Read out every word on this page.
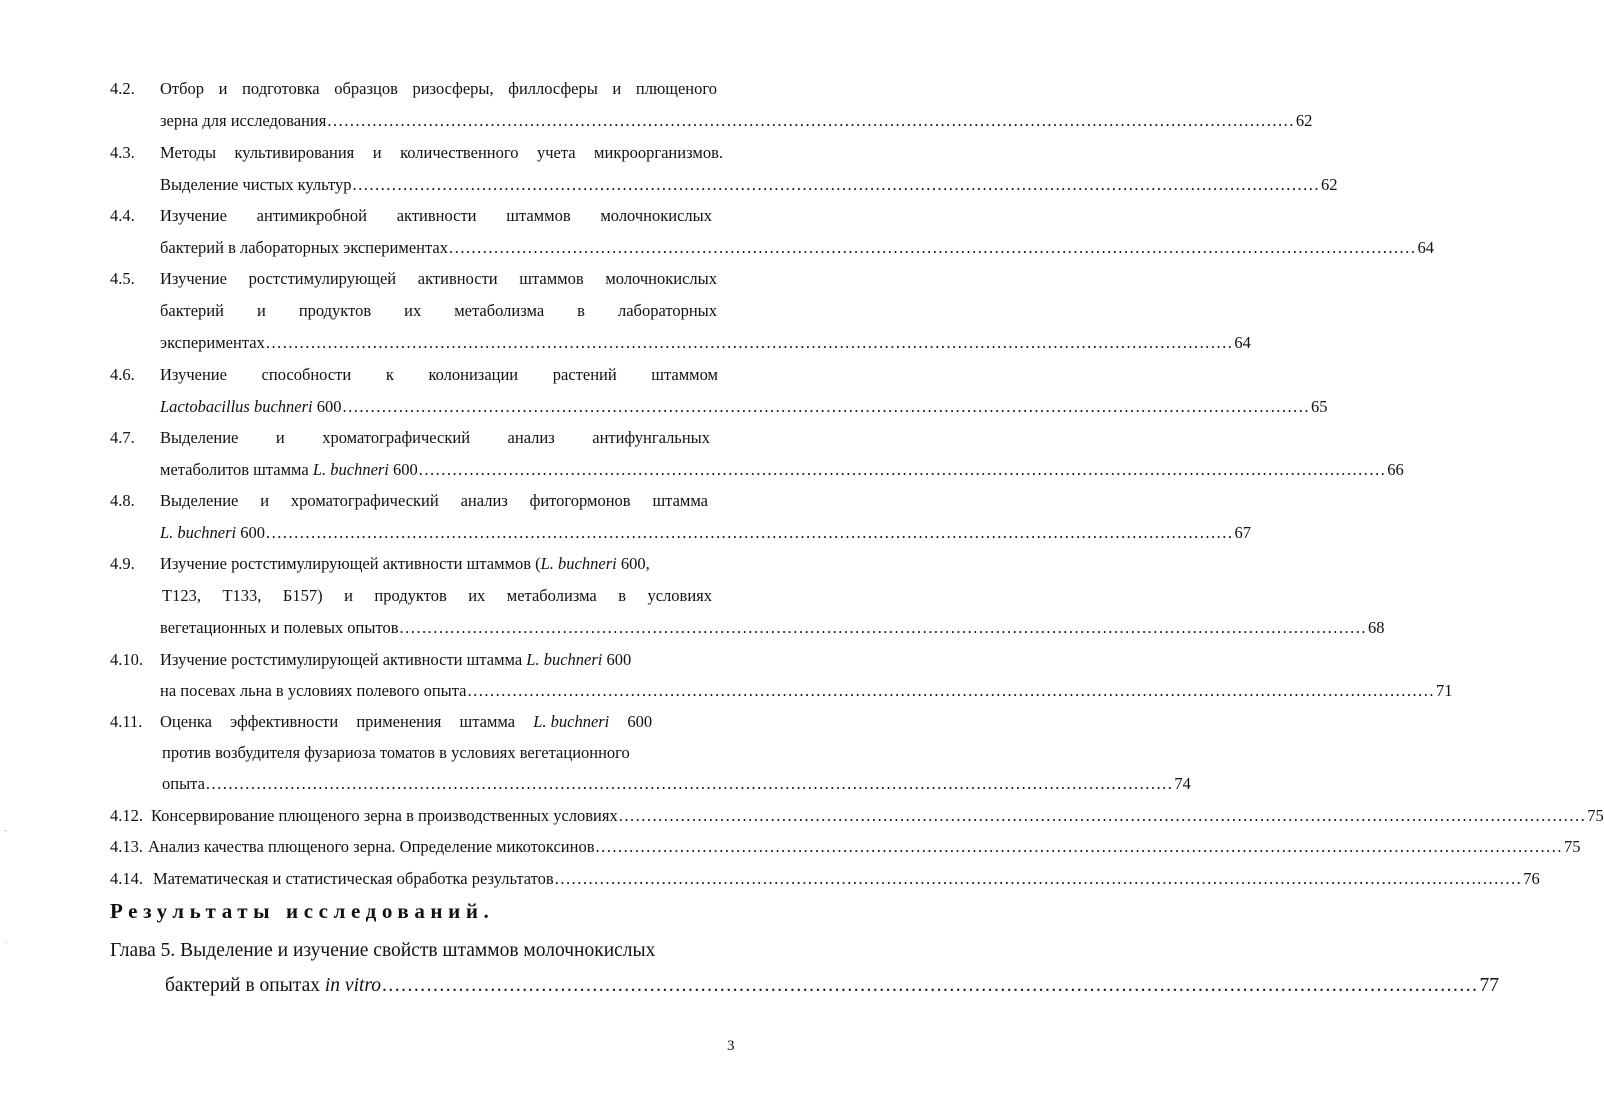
4.2. Отбор и подготовка образцов ризосферы, филлосферы и плющеного

зерна для исследования ............................................................................................................................................................................ 62
4.3. Методы культивирования и количественного учета микроорганизмов.

Выделение чистых культур ............................................................................................................................................................................ 62
4.4. Изучение антимикробной активности штаммов молочнокислых

бактерий в лабораторных экспериментах ............................................................................................................................................................................ 64
4.5. Изучение ростстимулирующей активности штаммов молочнокислых

бактерий и продуктов их метаболизма в лабораторных

экспериментах ............................................................................................................................................................................ 64
4.6. Изучение способности к колонизации растений штаммом

Lactobacillus buchneri 600 ............................................................................................................................................................................ 65
4.7. Выделение и хроматографический анализ антифунгальных

метаболитов штамма L. buchneri 600 ............................................................................................................................................................................ 66
4.8. Выделение и хроматографический анализ фитогормонов штамма

L. buchneri 600 ............................................................................................................................................................................ 67
4.9. Изучение ростстимулирующей активности штаммов (L. buchneri 600,

Т123, Т133, Б157) и продуктов их метаболизма в условиях

вегетационных и полевых опытов ............................................................................................................................................................................ 68
4.10. Изучение ростстимулирующей активности штамма L. buchneri 600

на посевах льна в условиях полевого опыта ............................................................................................................................................................................ 71
4.11. Оценка эффективности применения штамма L. buchneri 600

против возбудителя фузариоза томатов в условиях вегетационного

опыта ............................................................................................................................................................................ 74
4.12. Консервирование плющеного зерна в производственных условиях ............................................................................................................................................................................ 75
4.13. Анализ качества плющеного зерна. Определение микотоксинов ............................................................................................................................................................................ 75
4.14. Математическая и статистическая обработка результатов ............................................................................................................................................................................ 76
Результаты исследований.

Глава 5. Выделение и изучение свойств штаммов молочнокислых

бактерий в опытах in vitro ............................................................................................................................................................................ 77
-
·
3
